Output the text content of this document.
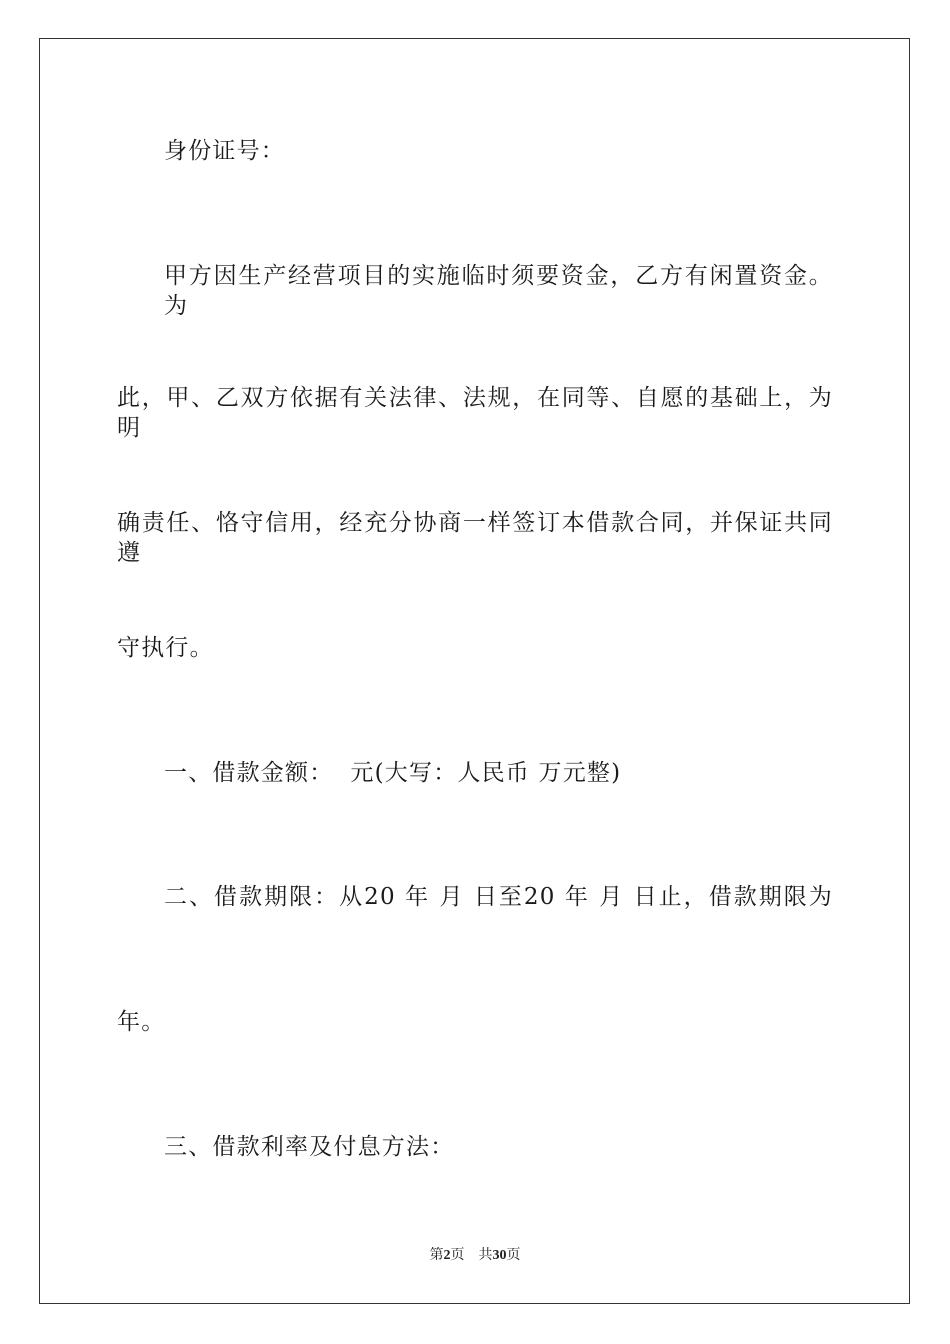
身份证号：
甲方因生产经营项目的实施临时须要资金，乙方有闲置资金。为
此，甲、乙双方依据有关法律、法规，在同等、自愿的基础上，为明
确责任、恪守信用，经充分协商一样签订本借款合同，并保证共同遵
守执行。
一、借款金额：  元(大写：人民币 万元整)
二、借款期限：从20 年 月 日至20 年 月 日止，借款期限为
年。
三、借款利率及付息方法：
第2页 共30页
